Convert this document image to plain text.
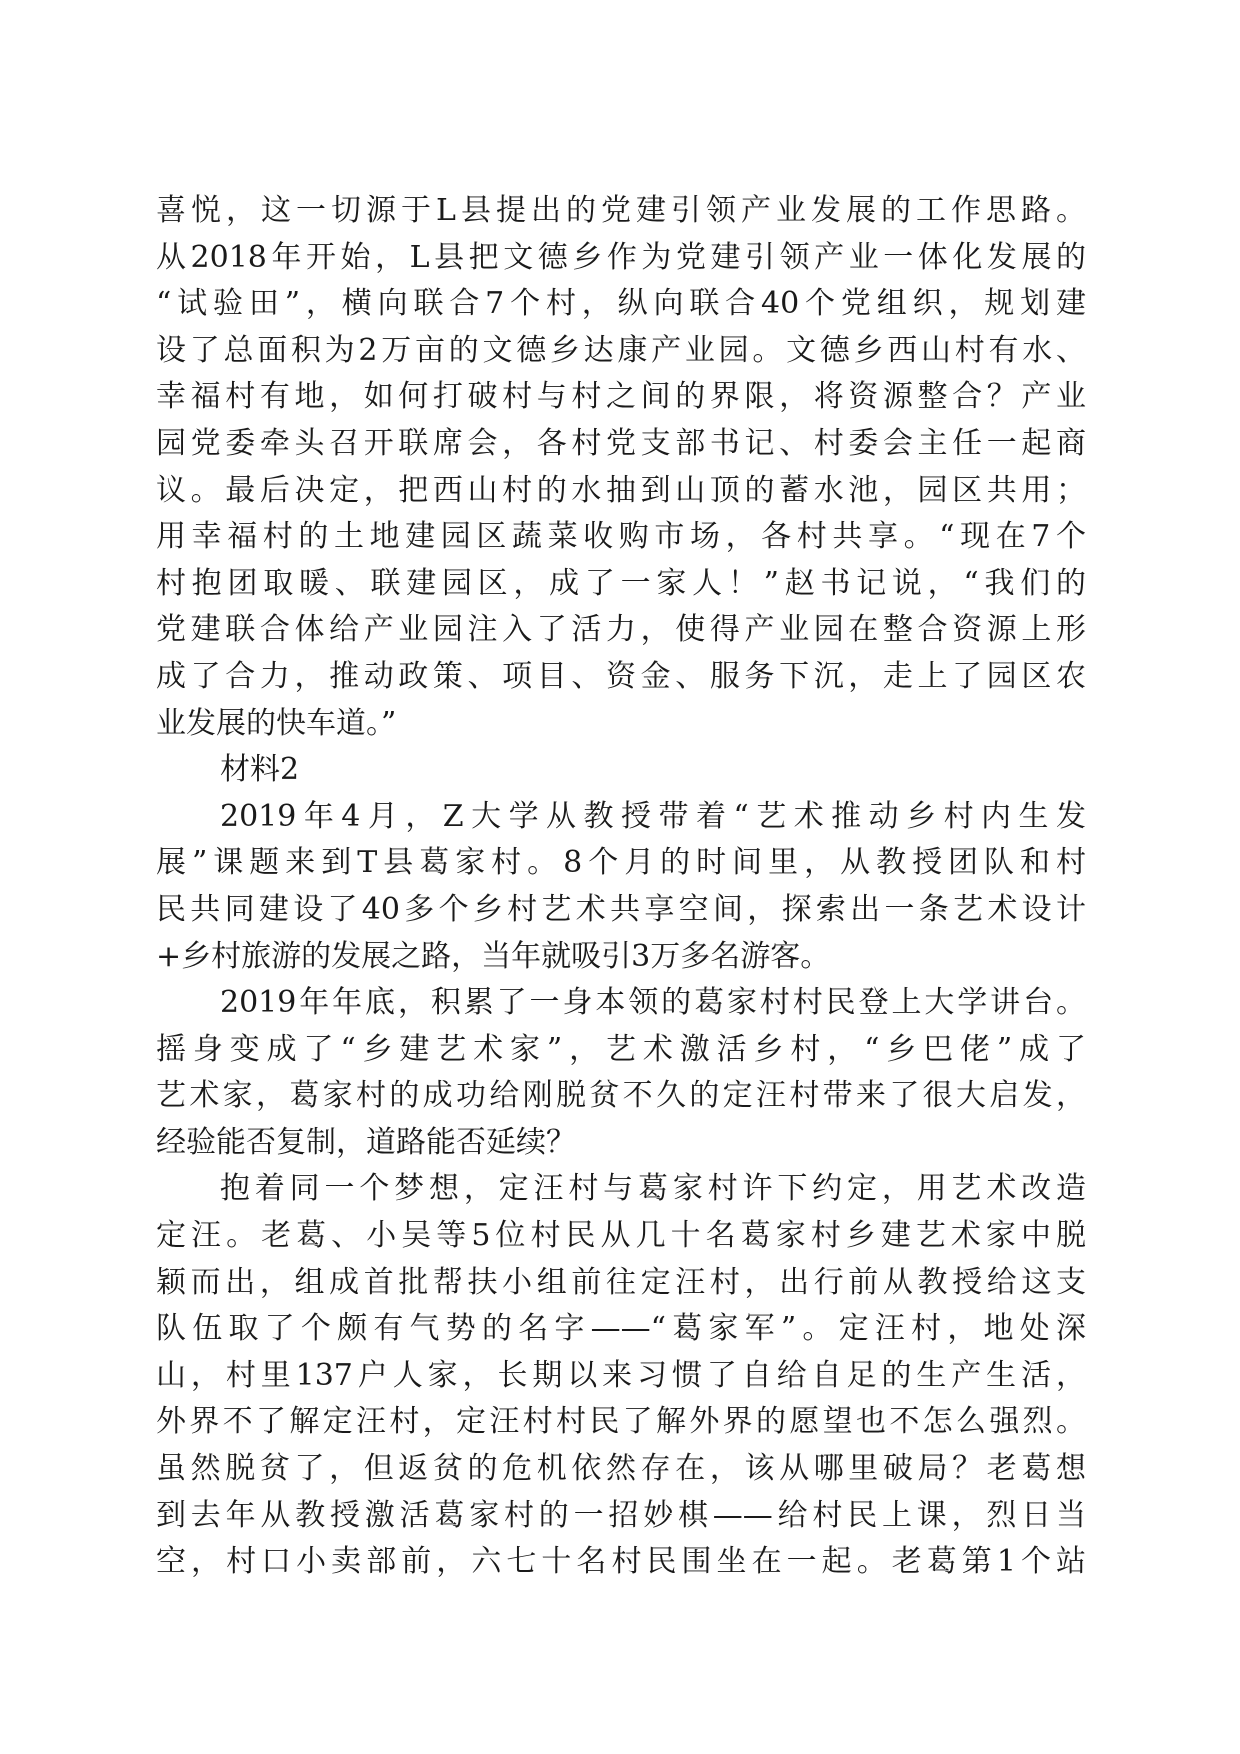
喜悦，这一切源于L县提出的党建引领产业发展的工作思路。
从2018年开始，L县把文德乡作为党建引领产业一体化发展的
“试验田”，横向联合7个村，纵向联合40个党组织，规划建
设了总面积为2万亩的文德乡达康产业园。文德乡西山村有水、
幸福村有地，如何打破村与村之间的界限，将资源整合？产业
园党委牵头召开联席会，各村党支部书记、村委会主任一起商
议。最后决定，把西山村的水抽到山顶的蓄水池，园区共用；
用幸福村的土地建园区蔬菜收购市场，各村共享。“现在7个
村抱团取暖、联建园区，成了一家人！”赵书记说，“我们的
党建联合体给产业园注入了活力，使得产业园在整合资源上形
成了合力，推动政策、项目、资金、服务下沉，走上了园区农
业发展的快车道。”
材料2
2019年4月，Z大学从教授带着“艺术推动乡村内生发
展”课题来到T县葛家村。8个月的时间里，从教授团队和村
民共同建设了40多个乡村艺术共享空间，探索出一条艺术设计
+乡村旅游的发展之路，当年就吸引3万多名游客。
2019年年底，积累了一身本领的葛家村村民登上大学讲台。
摇身变成了“乡建艺术家”，艺术激活乡村，“乡巴佬”成了
艺术家，葛家村的成功给刚脱贫不久的定汪村带来了很大启发，
经验能否复制，道路能否延续？
抱着同一个梦想，定汪村与葛家村许下约定，用艺术改造
定汪。老葛、小吴等5位村民从几十名葛家村乡建艺术家中脱
颖而出，组成首批帮扶小组前往定汪村，出行前从教授给这支
队伍取了个颇有气势的名字——“葛家军”。定汪村，地处深
山，村里137户人家，长期以来习惯了自给自足的生产生活，
外界不了解定汪村，定汪村村民了解外界的愿望也不怎么强烈。
虽然脱贫了，但返贫的危机依然存在，该从哪里破局？老葛想
到去年从教授激活葛家村的一招妙棋——给村民上课，烈日当
空，村口小卖部前，六七十名村民围坐在一起。老葛第1个站
